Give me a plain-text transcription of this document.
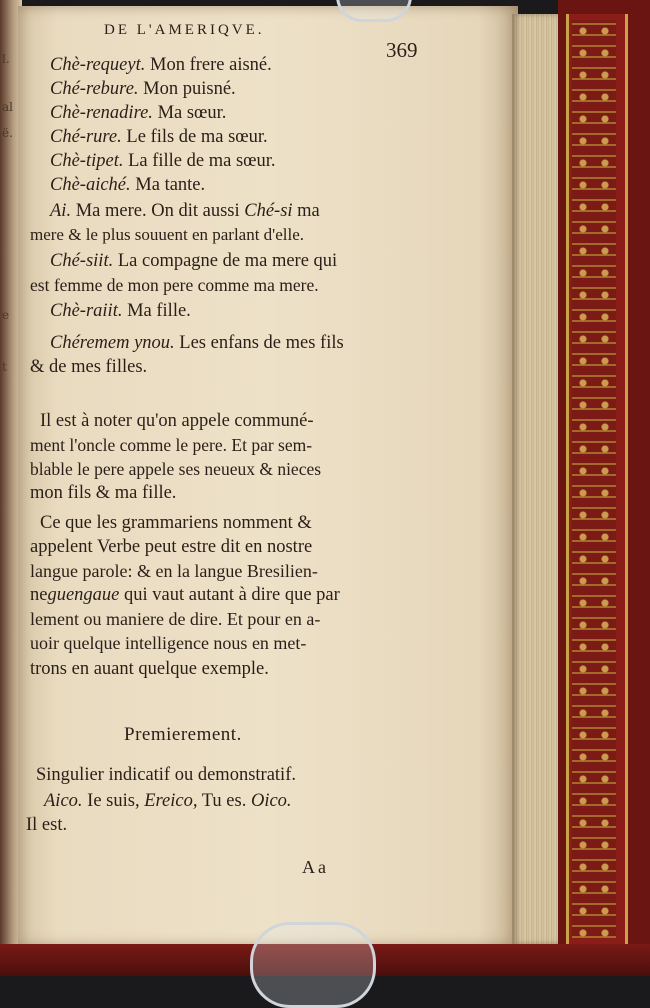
l.
al
ë.
e
t
DE L'AMERIQVE.
369
Chè-requeyt. Mon frere aisné.
Ché-rebure. Mon puisné.
Chè-renadire. Ma sœur.
Ché-rure. Le fils de ma sœur.
Chè-tipet. La fille de ma sœur.
Chè-aiché. Ma tante.
Ai. Ma mere. On dit aussi Ché-si ma
mere & le plus souuent en parlant d'elle.
Ché-siit. La compagne de ma mere qui
est femme de mon pere comme ma mere.
Chè-raiit. Ma fille.
Chéremem ynou. Les enfans de mes fils
& de mes filles.
Il est à noter qu'on appele communé-
ment l'oncle comme le pere. Et par sem-
blable le pere appele ses neueux & nieces
mon fils & ma fille.
Ce que les grammariens nomment &
appelent Verbe peut estre dit en nostre
langue parole: & en la langue Bresilien-
neguengaue qui vaut autant à dire que par
lement ou maniere de dire. Et pour en a-
uoir quelque intelligence nous en met-
trons en auant quelque exemple.
Singulier indicatif ou demonstratif.
Aico. Ie suis, Ereico, Tu es. Oico.
Il est.
Premierement.
Aa
